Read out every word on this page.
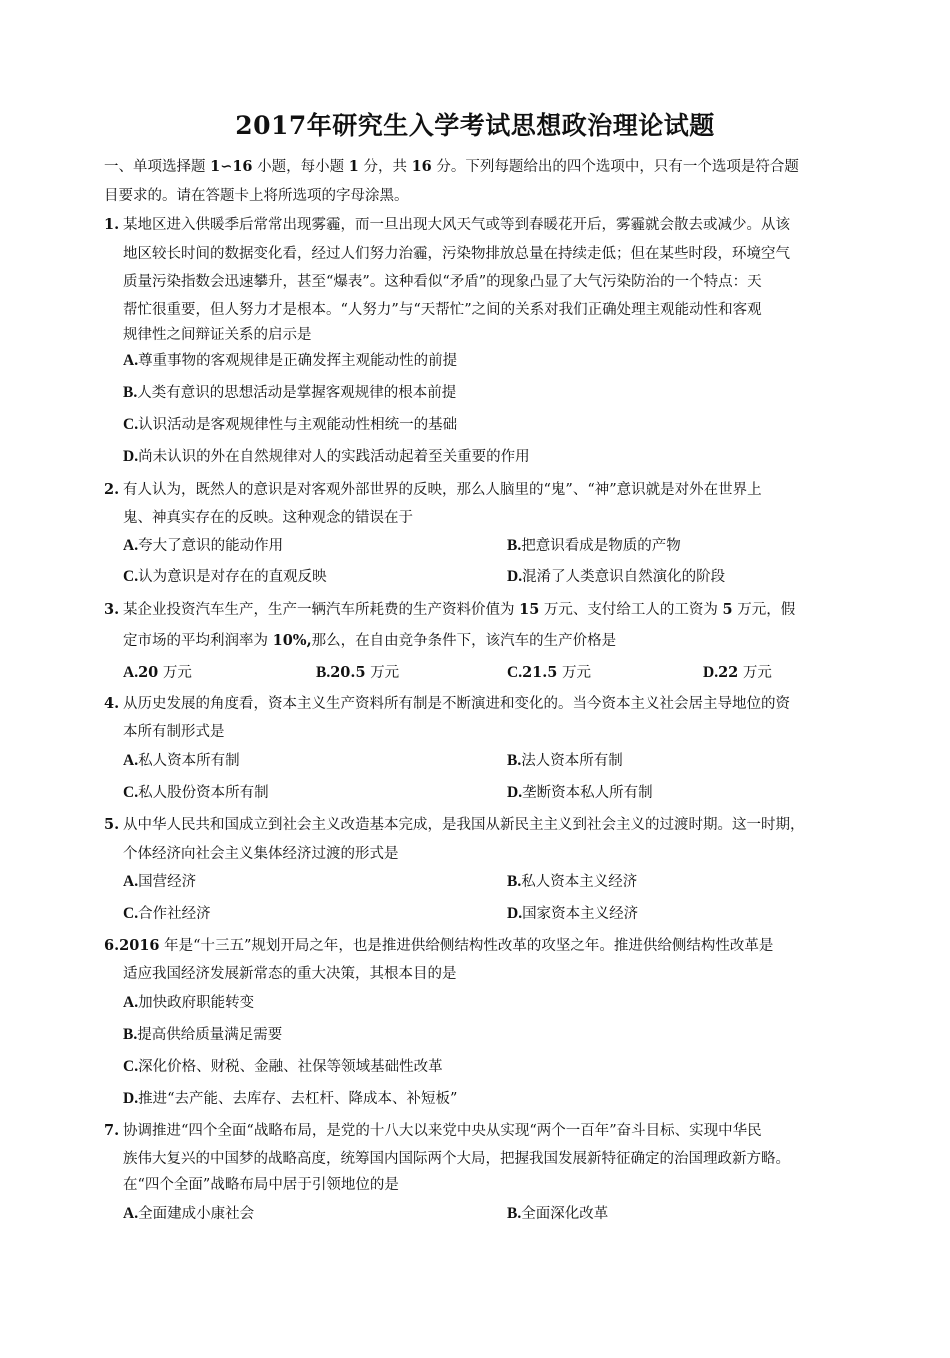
2017年研究生入学考试思想政治理论试题
一、单项选择题 1∽16 小题，每小题 1 分，共 16 分。下列每题给出的四个选项中，只有一个选项是符合题
目要求的。请在答题卡上将所选项的字母涂黑。
1. 某地区进入供暖季后常常出现雾霾，而一旦出现大风天气或等到春暖花开后，雾霾就会散去或减少。从该
地区较长时间的数据变化看，经过人们努力治霾，污染物排放总量在持续走低；但在某些时段，环境空气
质量污染指数会迅速攀升，甚至“爆表”。这种看似“矛盾”的现象凸显了大气污染防治的一个特点：天
帮忙很重要，但人努力才是根本。“人努力”与“天帮忙”之间的关系对我们正确处理主观能动性和客观
规律性之间辩证关系的启示是
A.尊重事物的客观规律是正确发挥主观能动性的前提
B.人类有意识的思想活动是掌握客观规律的根本前提
C.认识活动是客观规律性与主观能动性相统一的基础
D.尚未认识的外在自然规律对人的实践活动起着至关重要的作用
2. 有人认为，既然人的意识是对客观外部世界的反映，那么人脑里的“鬼”、“神”意识就是对外在世界上
鬼、神真实存在的反映。这种观念的错误在于
A.夸大了意识的能动作用	B.把意识看成是物质的产物
C.认为意识是对存在的直观反映	D.混淆了人类意识自然演化的阶段
3. 某企业投资汽车生产，生产一辆汽车所耗费的生产资料价值为 15 万元、支付给工人的工资为 5 万元，假
定市场的平均利润率为 10%,那么，在自由竞争条件下，该汽车的生产价格是
A.20 万元	B.20.5 万元	C.21.5 万元	D.22 万元
4. 从历史发展的角度看，资本主义生产资料所有制是不断演进和变化的。当今资本主义社会居主导地位的资
本所有制形式是
A.私人资本所有制	B.法人资本所有制
C.私人股份资本所有制	D.垄断资本私人所有制
5. 从中华人民共和国成立到社会主义改造基本完成，是我国从新民主主义到社会主义的过渡时期。这一时期，
个体经济向社会主义集体经济过渡的形式是
A.国营经济	B.私人资本主义经济
C.合作社经济	D.国家资本主义经济
6.2016 年是“十三五”规划开局之年，也是推进供给侧结构性改革的攻坚之年。推进供给侧结构性改革是
适应我国经济发展新常态的重大决策，其根本目的是
A.加快政府职能转变
B.提高供给质量满足需要
C.深化价格、财税、金融、社保等领域基础性改革
D.推进“去产能、去库存、去杠杆、降成本、补短板”
7. 协调推进“四个全面“战略布局，是党的十八大以来党中央从实现“两个一百年”奋斗目标、实现中华民
族伟大复兴的中国梦的战略高度，统筹国内国际两个大局，把握我国发展新特征确定的治国理政新方略。
在“四个全面”战略布局中居于引领地位的是
A.全面建成小康社会	B.全面深化改革
